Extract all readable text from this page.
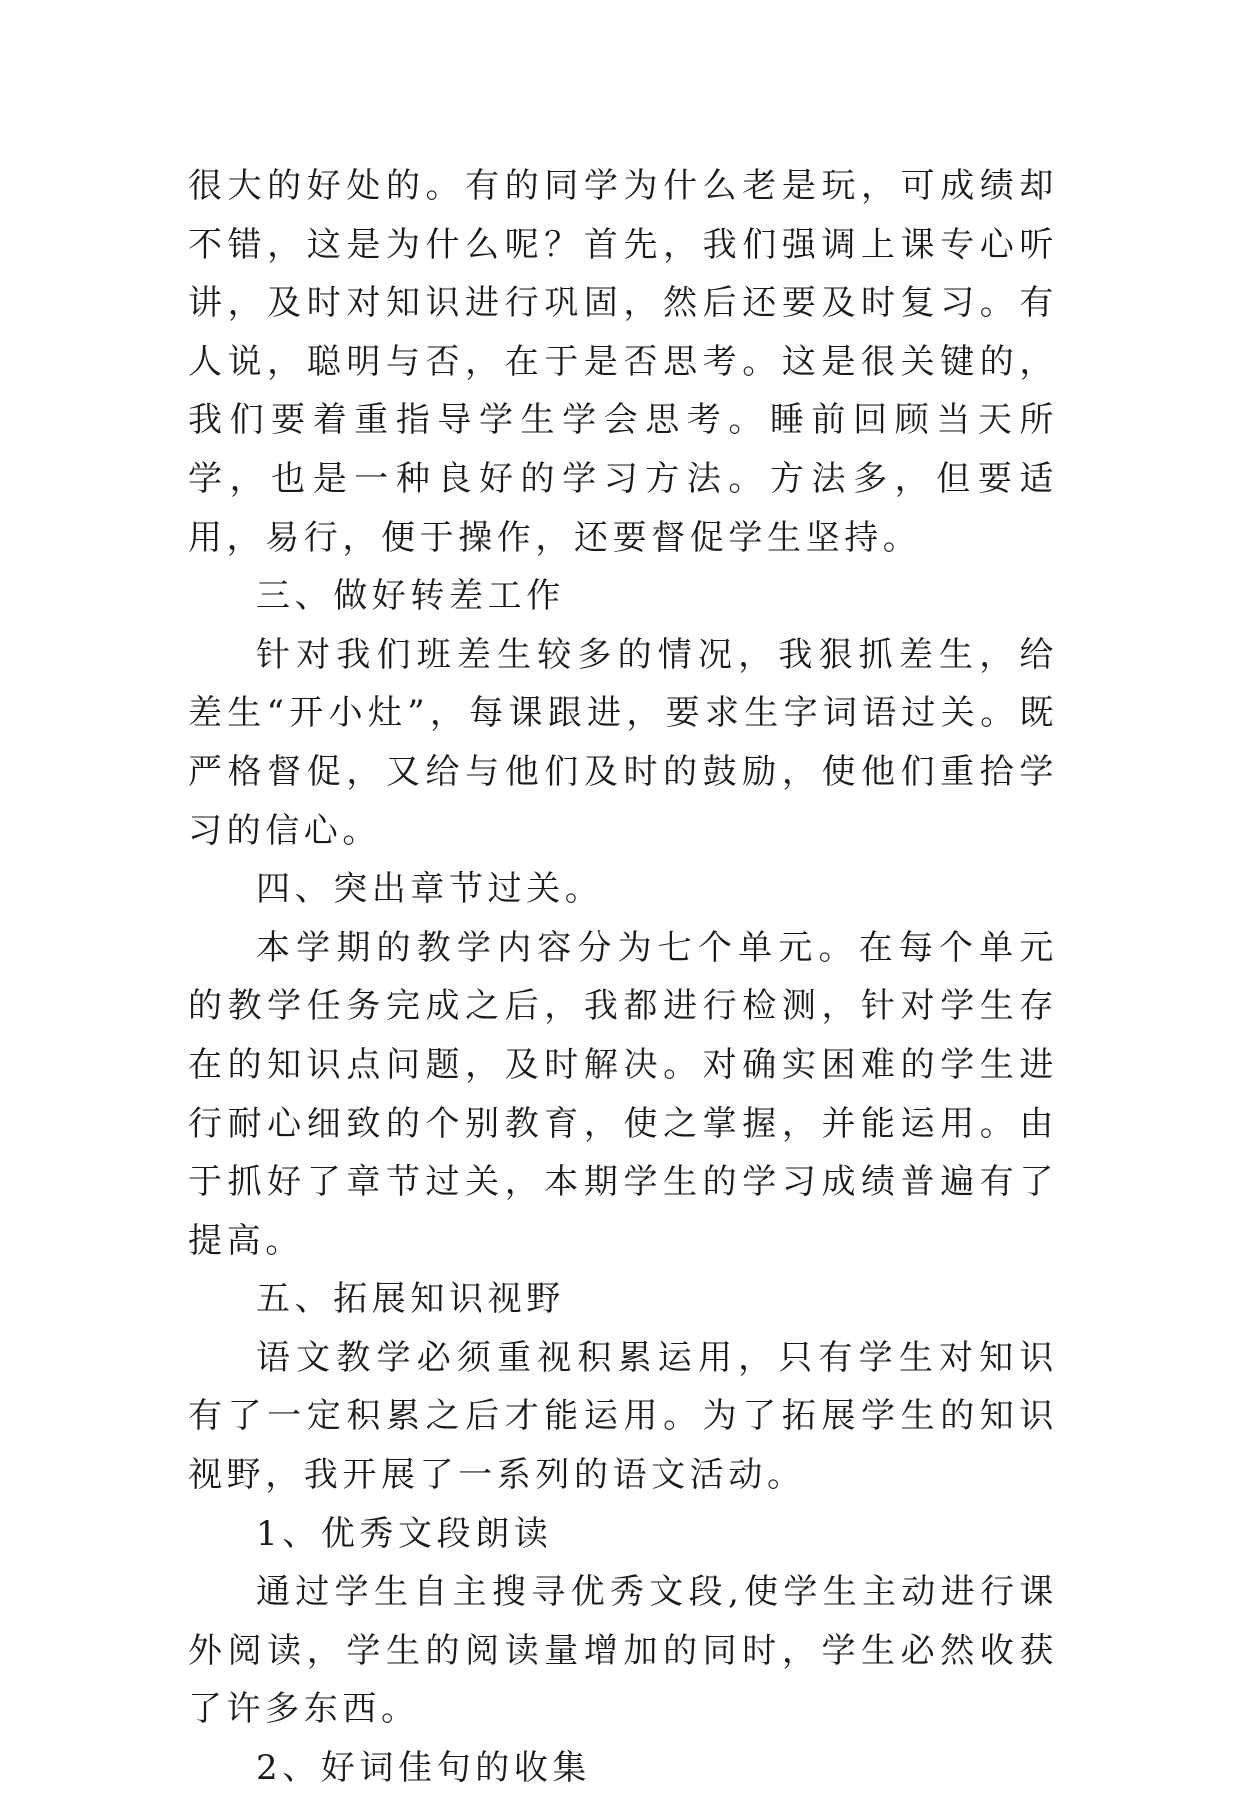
很大的好处的。有的同学为什么老是玩，可成绩却不错，这是为什么呢？首先，我们强调上课专心听讲，及时对知识进行巩固，然后还要及时复习。有人说，聪明与否，在于是否思考。这是很关键的，我们要着重指导学生学会思考。睡前回顾当天所学，也是一种良好的学习方法。方法多，但要适用，易行，便于操作，还要督促学生坚持。

三、做好转差工作

针对我们班差生较多的情况，我狠抓差生，给差生“开小灶”，每课跟进，要求生字词语过关。既严格督促，又给与他们及时的鼓励，使他们重拾学习的信心。

四、突出章节过关。

本学期的教学内容分为七个单元。在每个单元的教学任务完成之后，我都进行检测，针对学生存在的知识点问题，及时解决。对确实困难的学生进行耐心细致的个别教育，使之掌握，并能运用。由于抓好了章节过关，本期学生的学习成绩普遍有了提高。

五、拓展知识视野

语文教学必须重视积累运用，只有学生对知识有了一定积累之后才能运用。为了拓展学生的知识视野，我开展了一系列的语文活动。

1、优秀文段朗读

通过学生自主搜寻优秀文段,使学生主动进行课外阅读，学生的阅读量增加的同时，学生必然收获了许多东西。

2、好词佳句的收集
